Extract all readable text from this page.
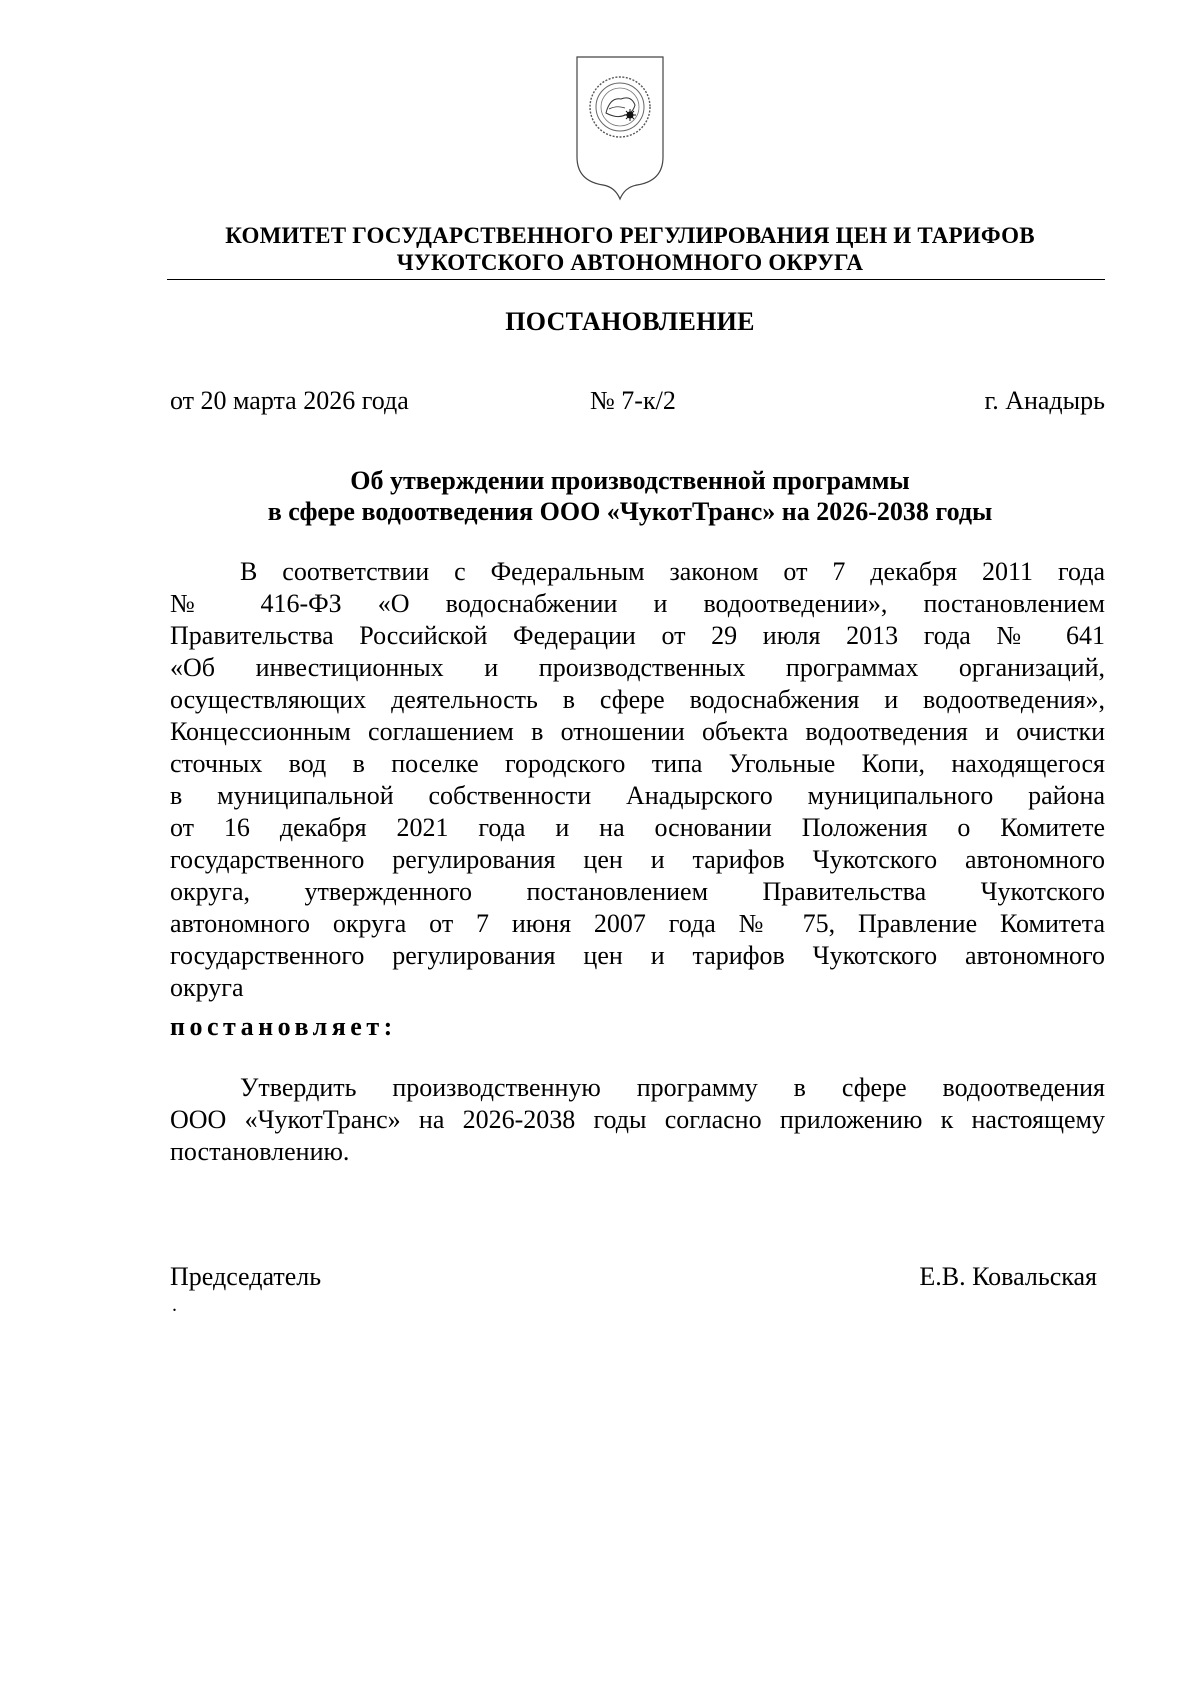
КОМИТЕТ ГОСУДАРСТВЕННОГО РЕГУЛИРОВАНИЯ ЦЕН И ТАРИФОВ
ЧУКОТСКОГО АВТОНОМНОГО ОКРУГА
ПОСТАНОВЛЕНИЕ
от 20 марта 2026 года	№ 7-к/2	г. Анадырь
Об утверждении производственной программы
в сфере водоотведения ООО «ЧукотТранс» на 2026-2038 годы
В соответствии с Федеральным законом от 7 декабря 2011 года
№ 416-ФЗ «О водоснабжении и водоотведении», постановлением
Правительства Российской Федерации от 29 июля 2013 года № 641
«Об инвестиционных и производственных программах организаций,
осуществляющих деятельность в сфере водоснабжения и водоотведения»,
Концессионным соглашением в отношении объекта водоотведения и очистки
сточных вод в поселке городского типа Угольные Копи, находящегося
в муниципальной собственности Анадырского муниципального района
от 16 декабря 2021 года и на основании Положения о Комитете
государственного регулирования цен и тарифов Чукотского автономного
округа, утвержденного постановлением Правительства Чукотского
автономного округа от 7 июня 2007 года № 75, Правление Комитета
государственного регулирования цен и тарифов Чукотского автономного
округа
постановляет:
Утвердить производственную программу в сфере водоотведения
ООО «ЧукотТранс» на 2026-2038 годы согласно приложению к настоящему
постановлению.
Председатель	Е.В. Ковальская
.
